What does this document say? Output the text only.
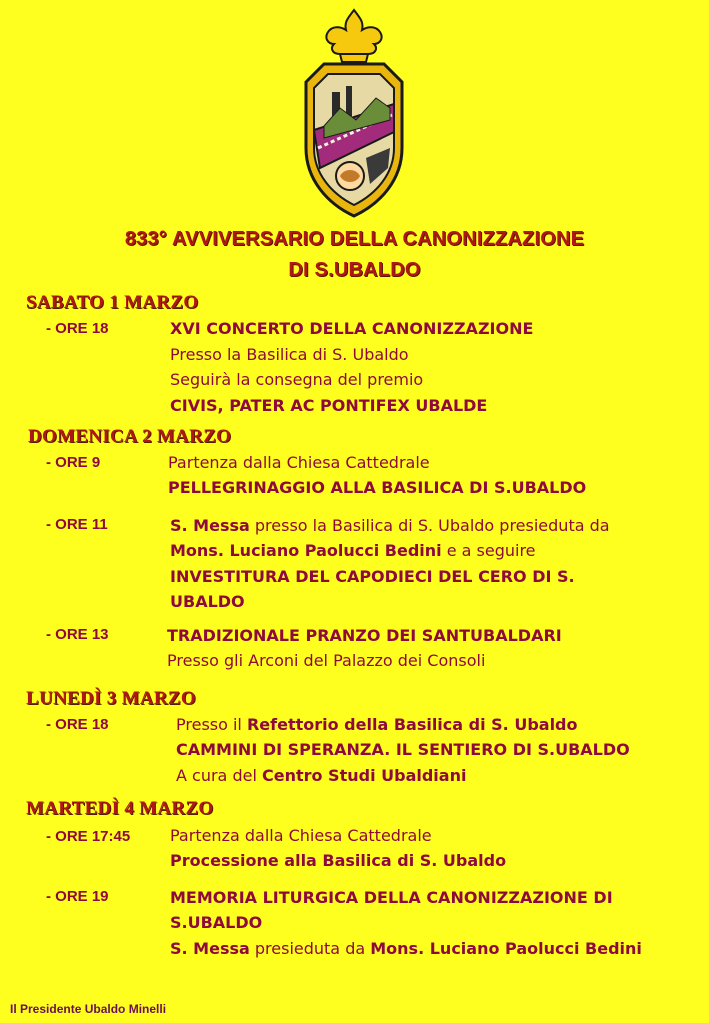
833° AVVIVERSARIO DELLA CANONIZZAZIONE
DI S.UBALDO
SABATO 1 MARZO
- ORE 18	XVI CONCERTO DELLA CANONIZZAZIONE
Presso la Basilica di S. Ubaldo
Seguirà la consegna del premio
CIVIS, PATER AC PONTIFEX UBALDE
DOMENICA 2 MARZO
- ORE 9	Partenza dalla Chiesa Cattedrale
PELLEGRINAGGIO ALLA BASILICA DI S.UBALDO
- ORE 11	S. Messa presso la Basilica di S. Ubaldo presieduta da
Mons. Luciano Paolucci Bedini e a seguire
INVESTITURA DEL CAPODIECI DEL CERO DI S.
UBALDO
- ORE 13	TRADIZIONALE PRANZO DEI SANTUBALDARI
Presso gli Arconi del Palazzo dei Consoli
LUNEDÌ 3 MARZO
- ORE 18	Presso il Refettorio della Basilica di S. Ubaldo
CAMMINI DI SPERANZA. IL SENTIERO DI S.UBALDO
A cura del Centro Studi Ubaldiani
MARTEDÌ 4 MARZO
- ORE 17:45 Partenza dalla Chiesa Cattedrale
Processione alla Basilica di S. Ubaldo
- ORE 19	MEMORIA LITURGICA DELLA CANONIZZAZIONE DI
S.UBALDO
S. Messa presieduta da Mons. Luciano Paolucci Bedini
Il Presidente Ubaldo Minelli
